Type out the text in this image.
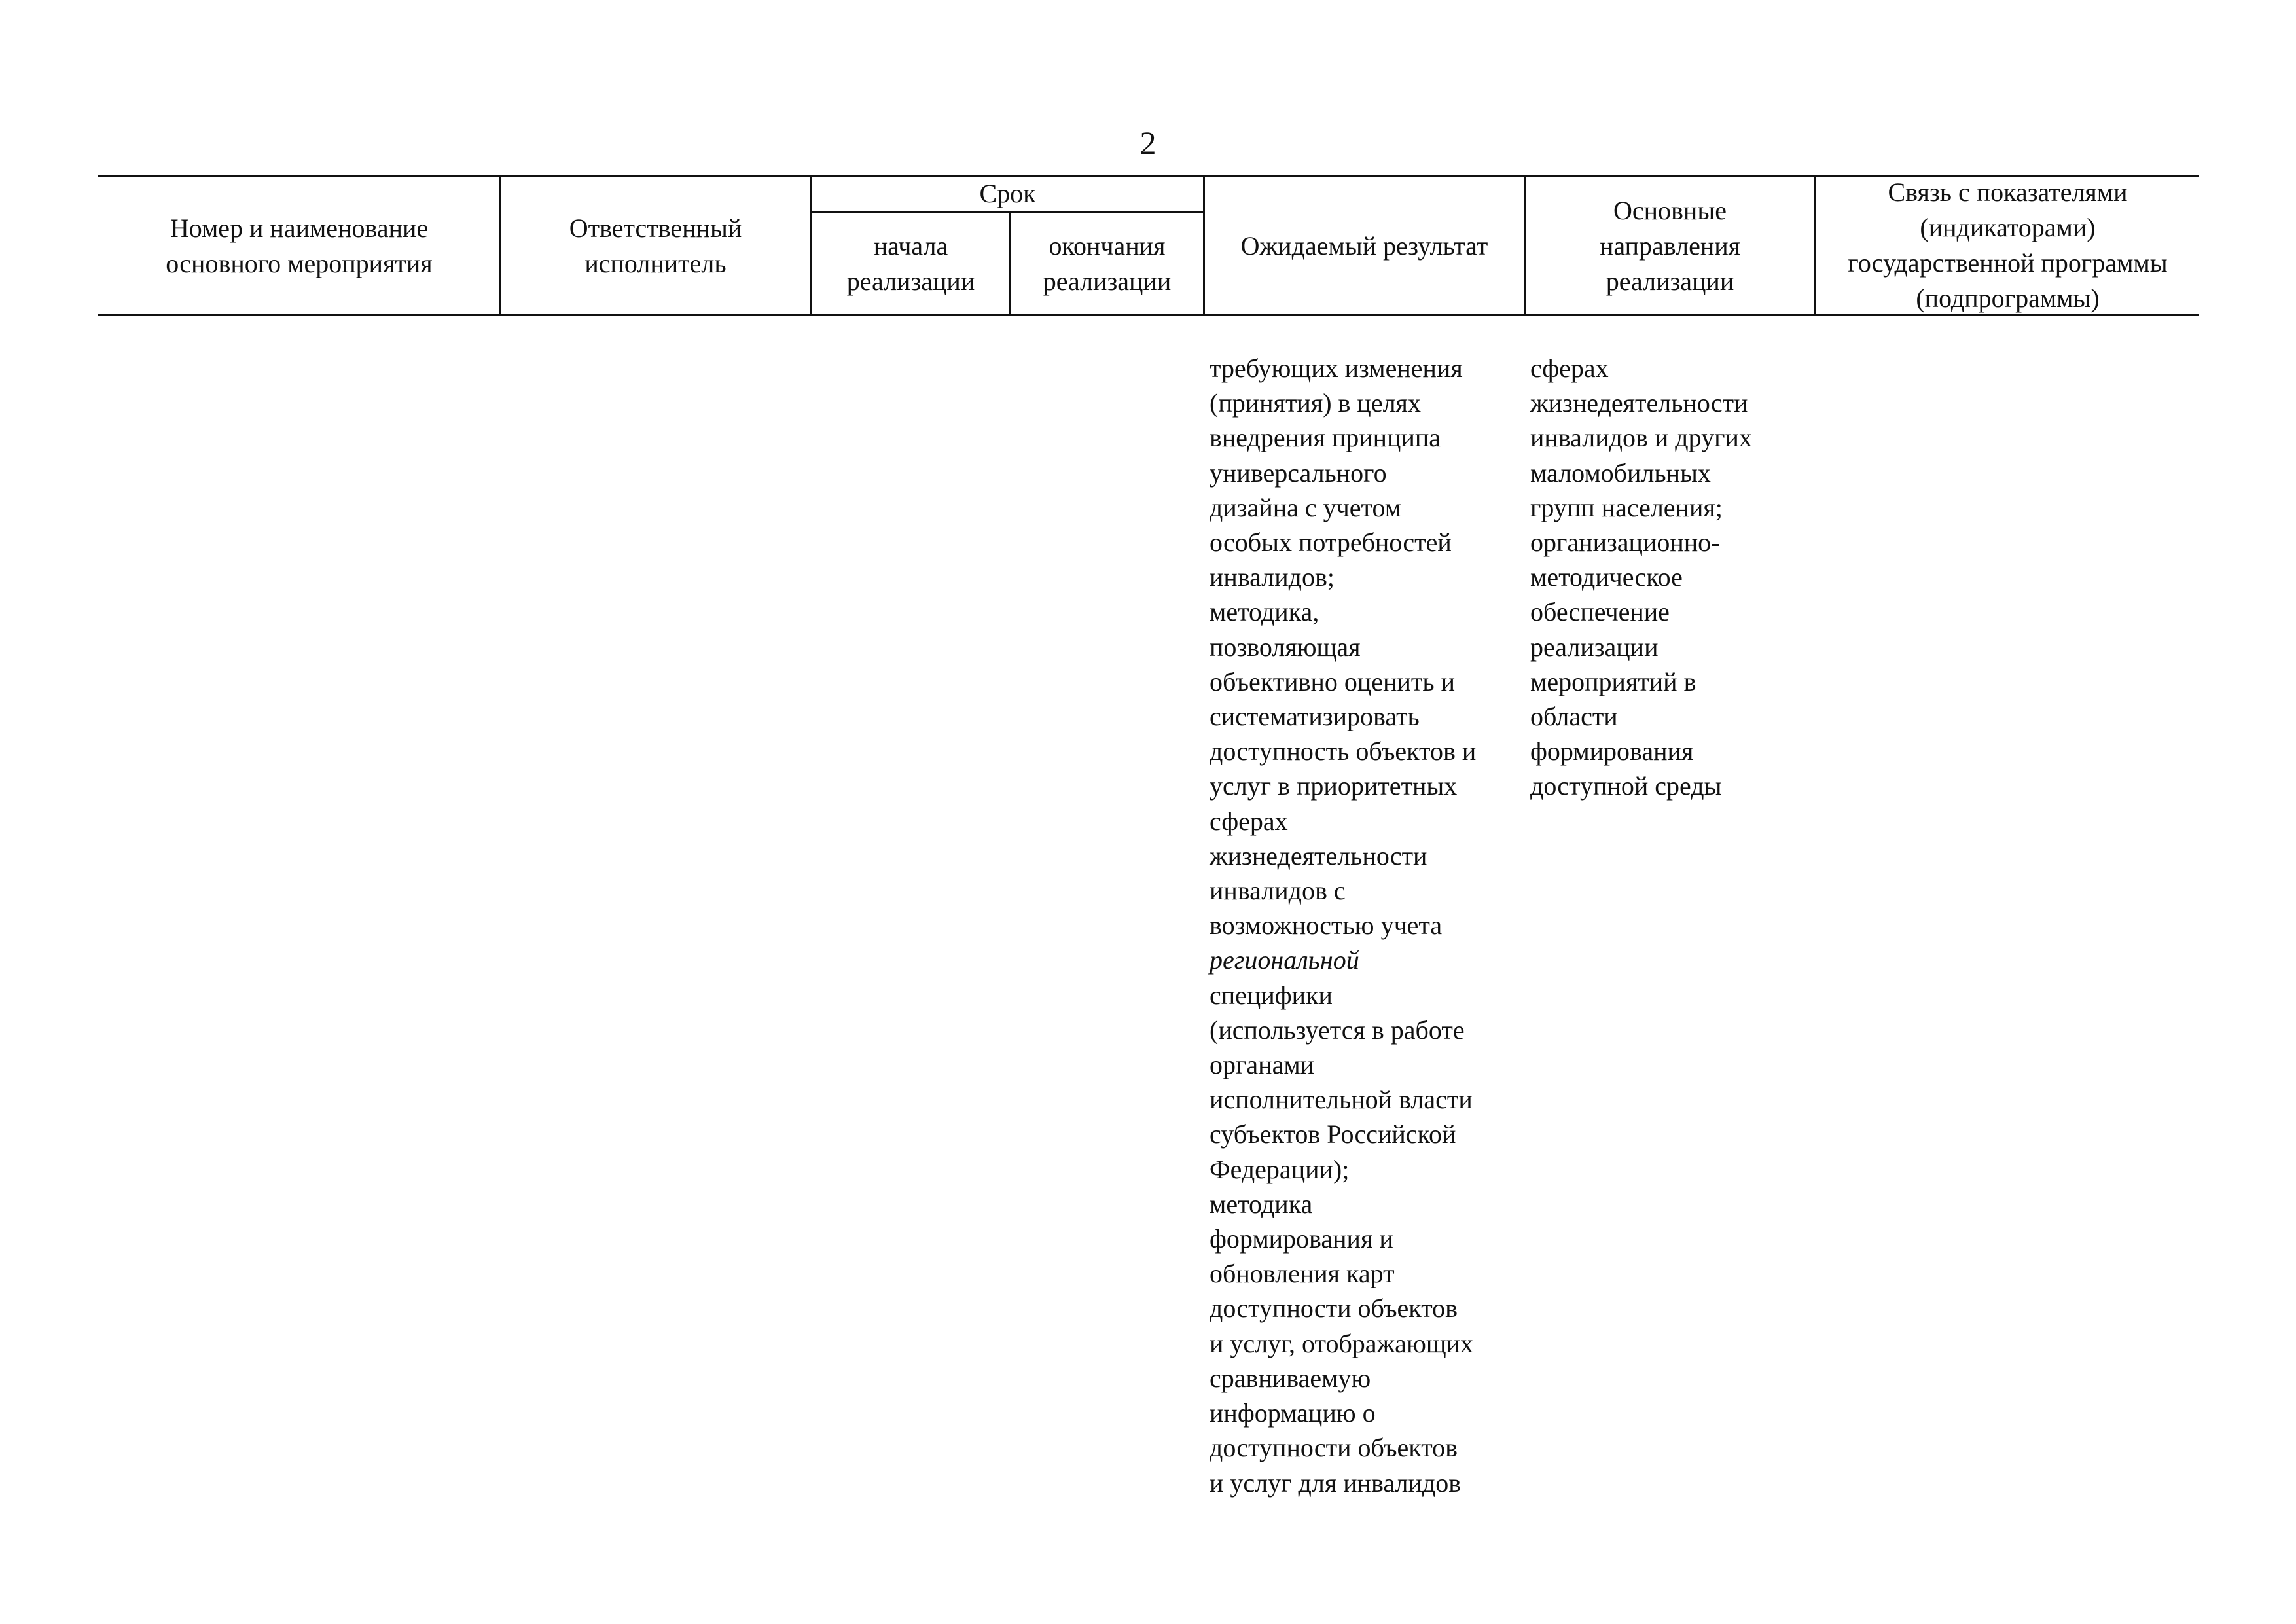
2
Номер и наименование
основного мероприятия
Ответственный
исполнитель
Срок
начала
реализации
окончания
реализации
Ожидаемый результат
Основные
направления
реализации
Связь с показателями
(индикаторами)
государственной программы
(подпрограммы)
требующих изменения
(принятия) в целях
внедрения принципа
универсального
дизайна с учетом
особых потребностей
инвалидов;
методика,
позволяющая
объективно оценить и
систематизировать
доступность объектов и
услуг в приоритетных
сферах
жизнедеятельности
инвалидов с
возможностью учета
региональной
специфики
(используется в работе
органами
исполнительной власти
субъектов Российской
Федерации);
методика
формирования и
обновления карт
доступности объектов
и услуг, отображающих
сравниваемую
информацию о
доступности объектов
и услуг для инвалидов
сферах
жизнедеятельности
инвалидов и других
маломобильных
групп населения;
организационно-
методическое
обеспечение
реализации
мероприятий в
области
формирования
доступной среды
